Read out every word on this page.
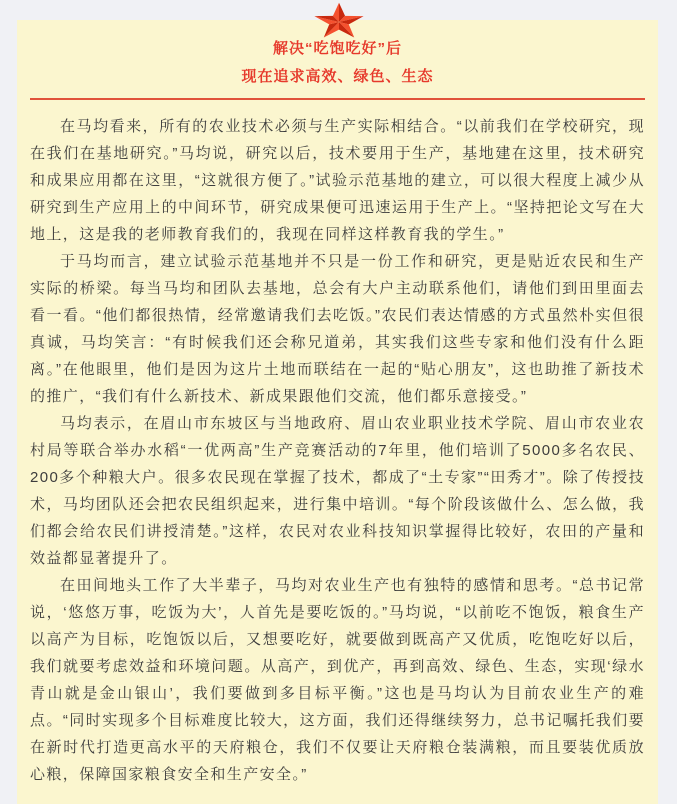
解决“吃饱吃好”后
现在追求高效、绿色、生态

在马均看来，所有的农业技术必须与生产实际相结合。“以前我们在学校研究，现在我们在基地研究。”马均说，研究以后，技术要用于生产，基地建在这里，技术研究和成果应用都在这里，“这就很方便了。”试验示范基地的建立，可以很大程度上减少从研究到生产应用上的中间环节，研究成果便可迅速运用于生产上。“坚持把论文写在大地上，这是我的老师教育我们的，我现在同样这样教育我的学生。”

于马均而言，建立试验示范基地并不只是一份工作和研究，更是贴近农民和生产实际的桥梁。每当马均和团队去基地，总会有大户主动联系他们，请他们到田里面去看一看。“他们都很热情，经常邀请我们去吃饭。”农民们表达情感的方式虽然朴实但很真诚，马均笑言：“有时候我们还会称兄道弟，其实我们这些专家和他们没有什么距离。”在他眼里，他们是因为这片土地而联结在一起的“贴心朋友”，这也助推了新技术的推广，“我们有什么新技术、新成果跟他们交流，他们都乐意接受。”

马均表示，在眉山市东坡区与当地政府、眉山农业职业技术学院、眉山市农业农村局等联合举办水稻“一优两高”生产竞赛活动的7年里，他们培训了5000多名农民、200多个种粮大户。很多农民现在掌握了技术，都成了“土专家”“田秀才”。除了传授技术，马均团队还会把农民组织起来，进行集中培训。“每个阶段该做什么、怎么做，我们都会给农民们讲授清楚。”这样，农民对农业科技知识掌握得比较好，农田的产量和效益都显著提升了。

在田间地头工作了大半辈子，马均对农业生产也有独特的感情和思考。“总书记常说，‘悠悠万事，吃饭为大’，人首先是要吃饭的。”马均说，“以前吃不饱饭，粮食生产以高产为目标，吃饱饭以后，又想要吃好，就要做到既高产又优质，吃饱吃好以后，我们就要考虑效益和环境问题。从高产，到优产，再到高效、绿色、生态，实现‘绿水青山就是金山银山’，我们要做到多目标平衡。”这也是马均认为目前农业生产的难点。“同时实现多个目标难度比较大，这方面，我们还得继续努力，总书记嘱托我们要在新时代打造更高水平的天府粮仓，我们不仅要让天府粮仓装满粮，而且要装优质放心粮，保障国家粮食安全和生产安全。”
